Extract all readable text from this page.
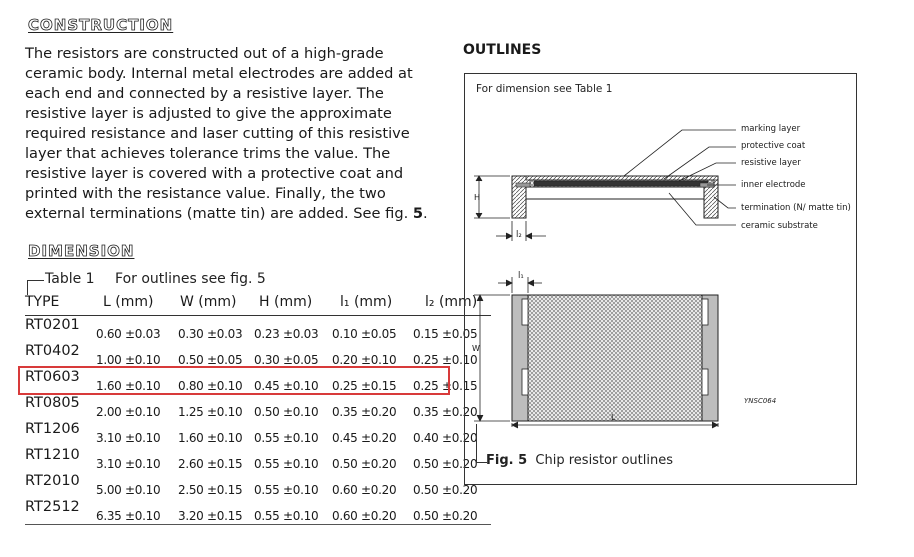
CONSTRUCTION

The resistors are constructed out of a high-grade ceramic body. Internal metal electrodes are added at each end and connected by a resistive layer. The resistive layer is adjusted to give the approximate required resistance and laser cutting of this resistive layer that achieves tolerance trims the value. The resistive layer is covered with a protective coat and printed with the resistance value. Finally, the two external terminations (matte tin) are added. See fig. 5.

DIMENSION
Table 1 For outlines see fig. 5
TYPE	L (mm)	W (mm)	H (mm)	l₁ (mm)	l₂ (mm)
RT0201	0.60 ±0.03	0.30 ±0.03	0.23 ±0.03	0.10 ±0.05	0.15 ±0.05
RT0402	1.00 ±0.10	0.50 ±0.05	0.30 ±0.05	0.20 ±0.10	0.25 ±0.10
RT0603	1.60 ±0.10	0.80 ±0.10	0.45 ±0.10	0.25 ±0.15	0.25 ±0.15
RT0805	2.00 ±0.10	1.25 ±0.10	0.50 ±0.10	0.35 ±0.20	0.35 ±0.20
RT1206	3.10 ±0.10	1.60 ±0.10	0.55 ±0.10	0.45 ±0.20	0.40 ±0.20
RT1210	3.10 ±0.10	2.60 ±0.15	0.55 ±0.10	0.50 ±0.20	0.50 ±0.20
RT2010	5.00 ±0.10	2.50 ±0.15	0.55 ±0.10	0.60 ±0.20	0.50 ±0.20
RT2512	6.35 ±0.10	3.20 ±0.15	0.55 ±0.10	0.60 ±0.20	0.50 ±0.20
OUTLINES
For dimension see Table 1
marking layer
protective coat
resistive layer
inner electrode
termination (N/ matte tin)
ceramic substrate
H
l₂
l₁
W
L
YNSC064
Fig. 5 Chip resistor outlines
